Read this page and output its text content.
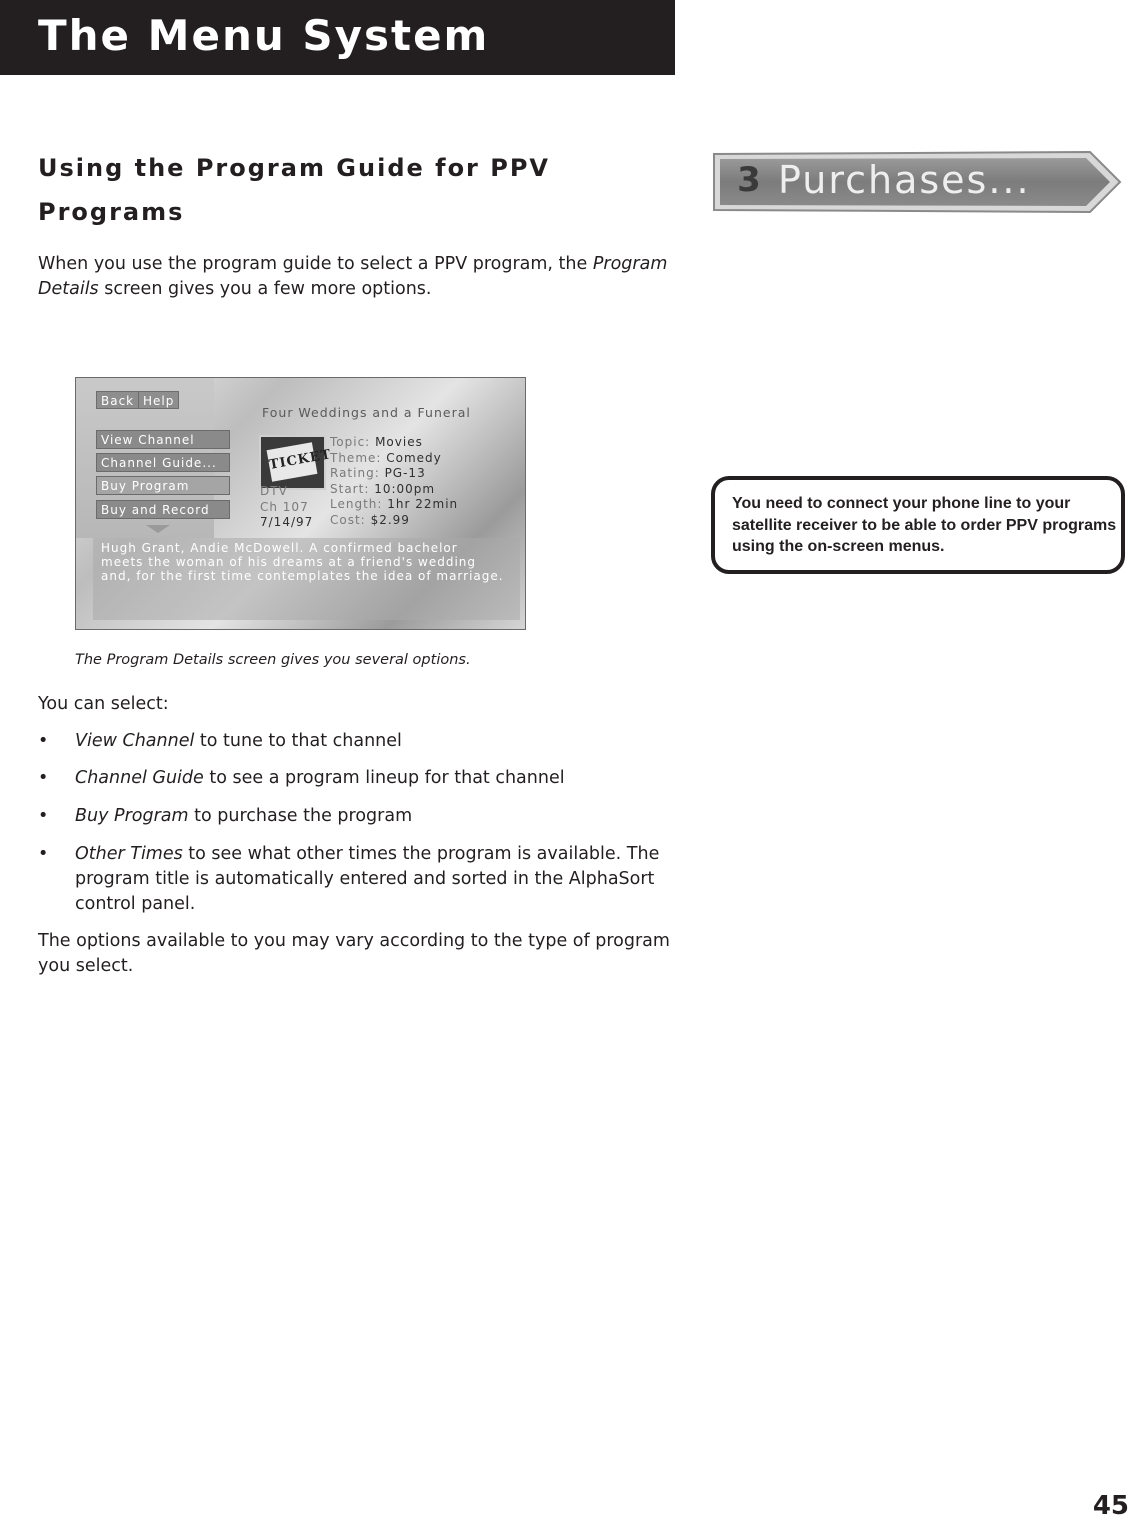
The Menu System
Using the Program Guide for PPV Programs
When you use the program guide to select a PPV program, the Program Details screen gives you a few more options.
Back Help
View Channel
Channel Guide...
Buy Program
Buy and Record
Four Weddings and a Funeral
TICKET
Topic: Movies
Theme: Comedy
Rating: PG-13
Start: 10:00pm
Length: 1hr 22min
Cost: $2.99
DTV
Ch 107
7/14/97
Hugh Grant, Andie McDowell. A confirmed bachelor
meets the woman of his dreams at a friend's wedding
and, for the first time contemplates the idea of marriage.
The Program Details screen gives you several options.
You can select:
• View Channel to tune to that channel
• Channel Guide to see a program lineup for that channel
• Buy Program to purchase the program
• Other Times to see what other times the program is available. The program title is automatically entered and sorted in the AlphaSort control panel.
The options available to you may vary according to the type of program you select.
3 Purchases...
You need to connect your phone line to your satellite receiver to be able to order PPV programs using the on-screen menus.
45
